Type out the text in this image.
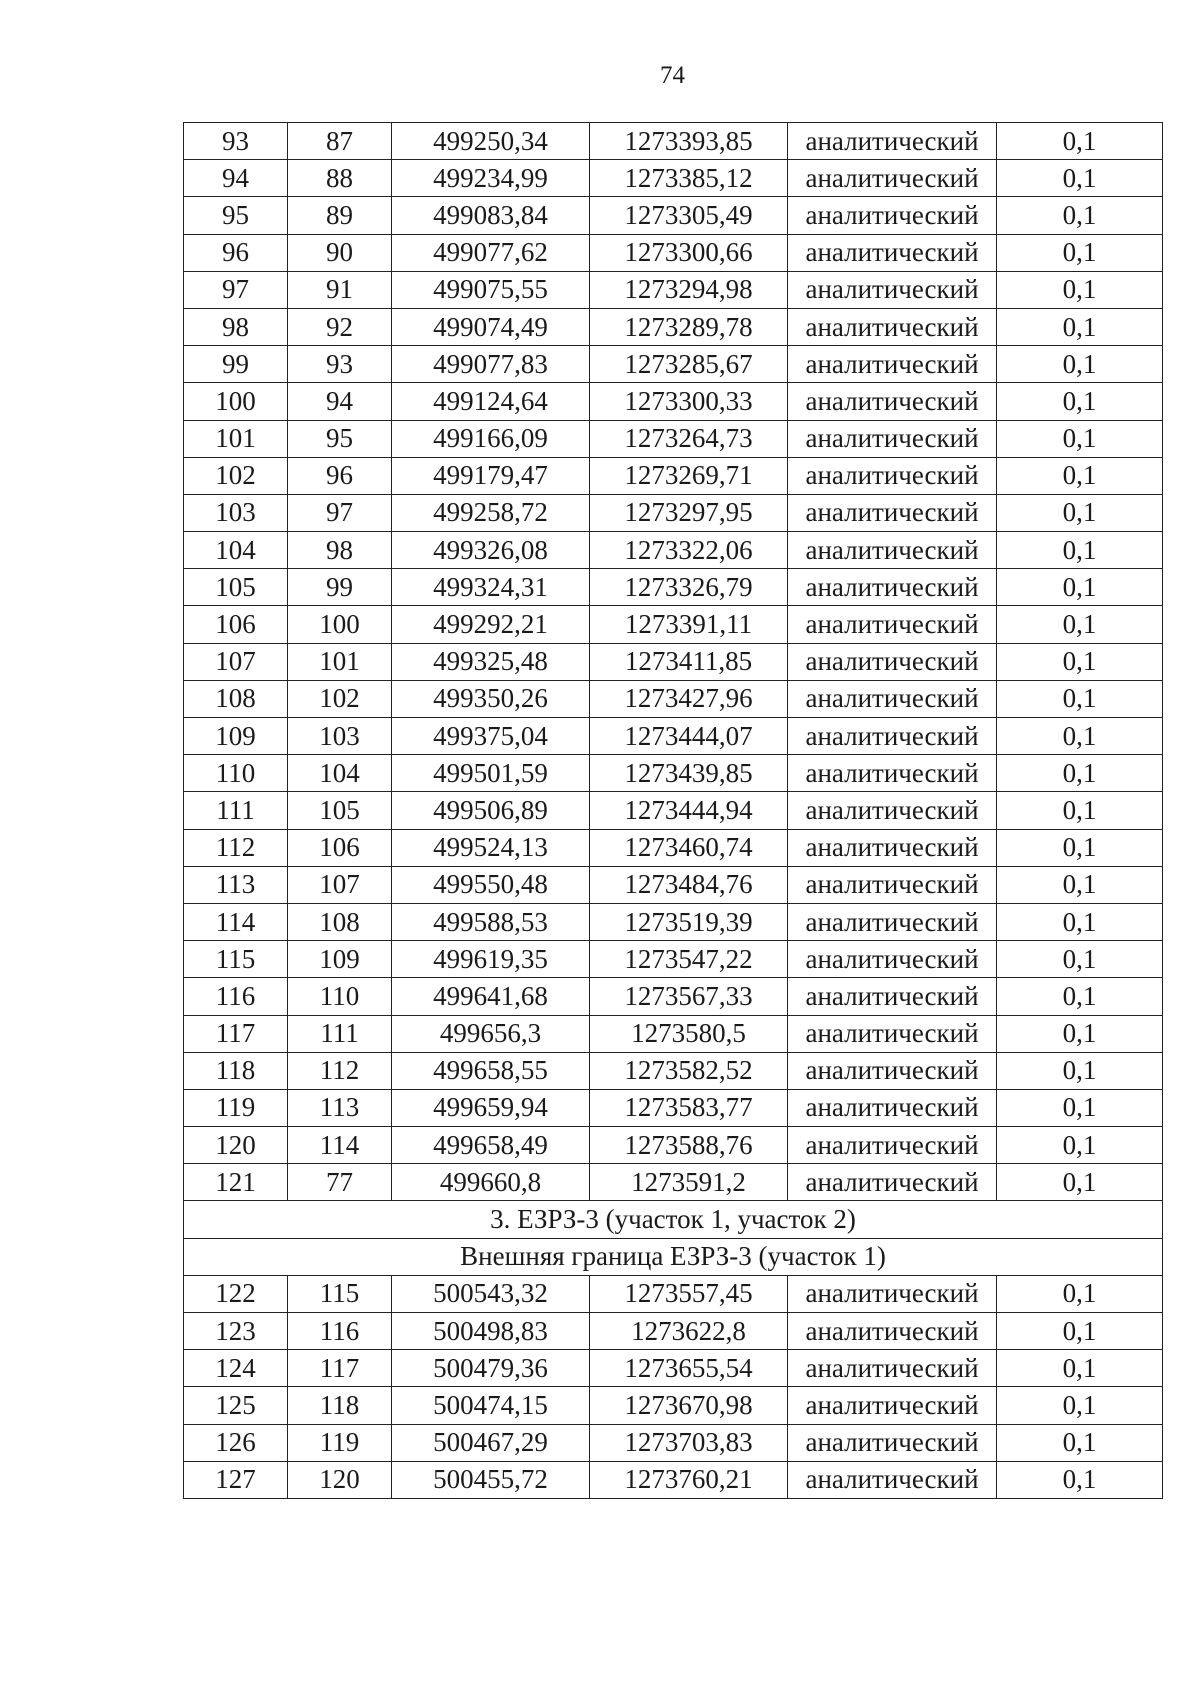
74
93	87	499250,34	1273393,85	аналитический	0,1
94	88	499234,99	1273385,12	аналитический	0,1
95	89	499083,84	1273305,49	аналитический	0,1
96	90	499077,62	1273300,66	аналитический	0,1
97	91	499075,55	1273294,98	аналитический	0,1
98	92	499074,49	1273289,78	аналитический	0,1
99	93	499077,83	1273285,67	аналитический	0,1
100	94	499124,64	1273300,33	аналитический	0,1
101	95	499166,09	1273264,73	аналитический	0,1
102	96	499179,47	1273269,71	аналитический	0,1
103	97	499258,72	1273297,95	аналитический	0,1
104	98	499326,08	1273322,06	аналитический	0,1
105	99	499324,31	1273326,79	аналитический	0,1
106	100	499292,21	1273391,11	аналитический	0,1
107	101	499325,48	1273411,85	аналитический	0,1
108	102	499350,26	1273427,96	аналитический	0,1
109	103	499375,04	1273444,07	аналитический	0,1
110	104	499501,59	1273439,85	аналитический	0,1
111	105	499506,89	1273444,94	аналитический	0,1
112	106	499524,13	1273460,74	аналитический	0,1
113	107	499550,48	1273484,76	аналитический	0,1
114	108	499588,53	1273519,39	аналитический	0,1
115	109	499619,35	1273547,22	аналитический	0,1
116	110	499641,68	1273567,33	аналитический	0,1
117	111	499656,3	1273580,5	аналитический	0,1
118	112	499658,55	1273582,52	аналитический	0,1
119	113	499659,94	1273583,77	аналитический	0,1
120	114	499658,49	1273588,76	аналитический	0,1
121	77	499660,8	1273591,2	аналитический	0,1
3. ЕЗРЗ-3 (участок 1, участок 2)					
Внешняя граница ЕЗРЗ-3 (участок 1)					
122	115	500543,32	1273557,45	аналитический	0,1
123	116	500498,83	1273622,8	аналитический	0,1
124	117	500479,36	1273655,54	аналитический	0,1
125	118	500474,15	1273670,98	аналитический	0,1
126	119	500467,29	1273703,83	аналитический	0,1
127	120	500455,72	1273760,21	аналитический	0,1
